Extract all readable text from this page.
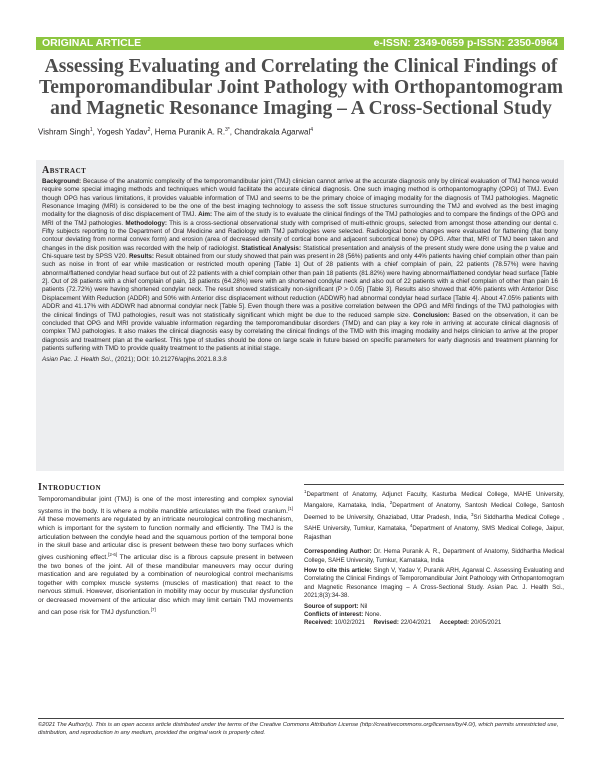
ORIGINAL ARTICLE	e-ISSN: 2349-0659 p-ISSN: 2350-0964
Assessing Evaluating and Correlating the Clinical Findings of Temporomandibular Joint Pathology with Orthopantomogram and Magnetic Resonance Imaging – A Cross-Sectional Study
Vishram Singh$^1$, Yogesh Yadav$^2$, Hema Puranik A. R.$^{3*}$, Chandrakala Agarwal$^4$
Abstract

Background: Because of the anatomic complexity of the temporomandibular joint (TMJ) clinician cannot arrive at the accurate diagnosis only by clinical evaluation of TMJ hence would require some special imaging methods and techniques which would facilitate the accurate clinical diagnosis. One such imaging method is orthopantomography (OPG) of TMJ. Even though OPG has various limitations, it provides valuable information of TMJ and seems to be the primary choice of imaging modality for the diagnosis of TMJ pathologies. Magnetic Resonance Imaging (MRI) is considered to be the one of the best imaging technology to assess the soft tissue structures surrounding the TMJ and evolved as the best imaging modality for the diagnosis of disc displacement of TMJ. Aim: The aim of the study is to evaluate the clinical findings of the TMJ pathologies and to compare the findings of the OPG and MRI of the TMJ pathologies. Methodology: This is a cross-sectional observational study with comprised of multi-ethnic groups, selected from amongst those attending our dental c. Fifty subjects reporting to the Department of Oral Medicine and Radiology with TMJ pathologies were selected. Radiological bone changes were evaluated for flattening (flat bony contour deviating from normal convex form) and erosion (area of decreased density of cortical bone and adjacent subcortical bone) by OPG. After that, MRI of TMJ been taken and changes in the disk position was recorded with the help of radiologist. Statistical Analysis: Statistical presentation and analysis of the present study were done using the p value and Chi-square test by SPSS V20. Results: Result obtained from our study showed that pain was present in 28 (56%) patients and only 44% patients having chief complain other than pain such as noise in front of ear while mastication or restricted mouth opening [Table 1] Out of 28 patients with a chief complain of pain, 22 patients (78.57%) were having abnormal/flattened condylar head surface but out of 22 patients with a chief complain other than pain 18 patients (81.82%) were having abnormal/flattened condylar head surface [Table 2]. Out of 28 patients with a chief complain of pain, 18 patients (64.28%) were with an shortened condylar neck and also out of 22 patients with a chief complain of other than pain 16 patients (72.72%) were having shortened condylar neck. The result showed statistically non-significant (P > 0.05) [Table 3]. Results also showed that 40% patients with Anterior Disc Displacement With Reduction (ADDR) and 50% with Anterior disc displacement without reduction (ADDWR) had abnormal condylar head surface [Table 4]. About 47.05% patients with ADDR and 41.17% with ADDWR had abnormal condylar neck [Table 5]. Even though there was a positive correlation between the OPG and MRI findings of the TMJ pathologies with the clinical findings of TMJ pathologies, result was not statistically significant which might be due to the reduced sample size. Conclusion: Based on the observation, it can be concluded that OPG and MRI provide valuable information regarding the temporomandibular disorders (TMD) and can play a key role in arriving at accurate clinical diagnosis of complex TMJ pathologies. It also makes the clinical diagnosis easy by correlating the clinical findings of the TMD with this imaging modality and helps clinician to arrive at the proper diagnosis and treatment plan at the earliest. This type of studies should be done on large scale in future based on specific parameters for early diagnosis and treatment planning for patients suffering with TMD to provide quality treatment to the patients at initial stage.

Asian Pac. J. Health Sci., (2021); DOI: 10.21276/apjhs.2021.8.3.8

Introduction

Temporomandibular joint (TMJ) is one of the most interesting and complex synovial systems in the body. It is where a mobile mandible articulates with the fixed cranium.[1] All these movements are regulated by an intricate neurological controlling mechanism, which is important for the system to function normally and efficiently. The TMJ is the articulation between the condyle head and the squamous portion of the temporal bone in the skull base and articular disc is present between these two bony surfaces which gives cushioning effect.[2-6] The articular disc is a fibrous capsule present in between the two bones of the joint. All of these mandibular maneuvers may occur during mastication and are regulated by a combination of neurological control mechanisms together with complex muscle systems (muscles of mastication) that react to the nervous stimuli. However, disorientation in mobility may occur by muscular dysfunction or decreased movement of the articular disc which may limit certain TMJ movements and can pose risk for TMJ dysfunction.[7]

$^1$Department of Anatomy, Adjunct Faculty, Kasturba Medical College, MAHE University, Mangalore, Karnataka, India, $^2$Department of Anatomy, Santosh Medical College, Santosh Deemed to be University, Ghaziabad, Uttar Pradesh, India, $^3$Sri Siddhartha Medical College , SAHE University, Tumkur, Karnataka, $^4$Department of Anatomy, SMS Medical College, Jaipur, Rajasthan

Corresponding Author: Dr. Hema Puranik A. R., Department of Anatomy, Siddhartha Medical College, SAHE University, Tumkur, Karnataka, India

How to cite this article: Singh V, Yadav Y, Puranik ARH, Agarwal C. Assessing Evaluating and Correlating the Clinical Findings of Temporomandibular Joint Pathology with Orthopantomogram and Magnetic Resonance Imaging – A Cross-Sectional Study. Asian Pac. J. Health Sci., 2021;8(3):34-38.

Source of support: Nil

Conflicts of interest: None.

Received: 10/02/2021 Revised: 22/04/2021 Accepted: 20/05/2021

©2021 The Author(s). This is an open access article distributed under the terms of the Creative Commons Attribution License (http://creativecommons.org/licenses/by/4.0/), which permits unrestricted use, distribution, and reproduction in any medium, provided the original work is properly cited.
